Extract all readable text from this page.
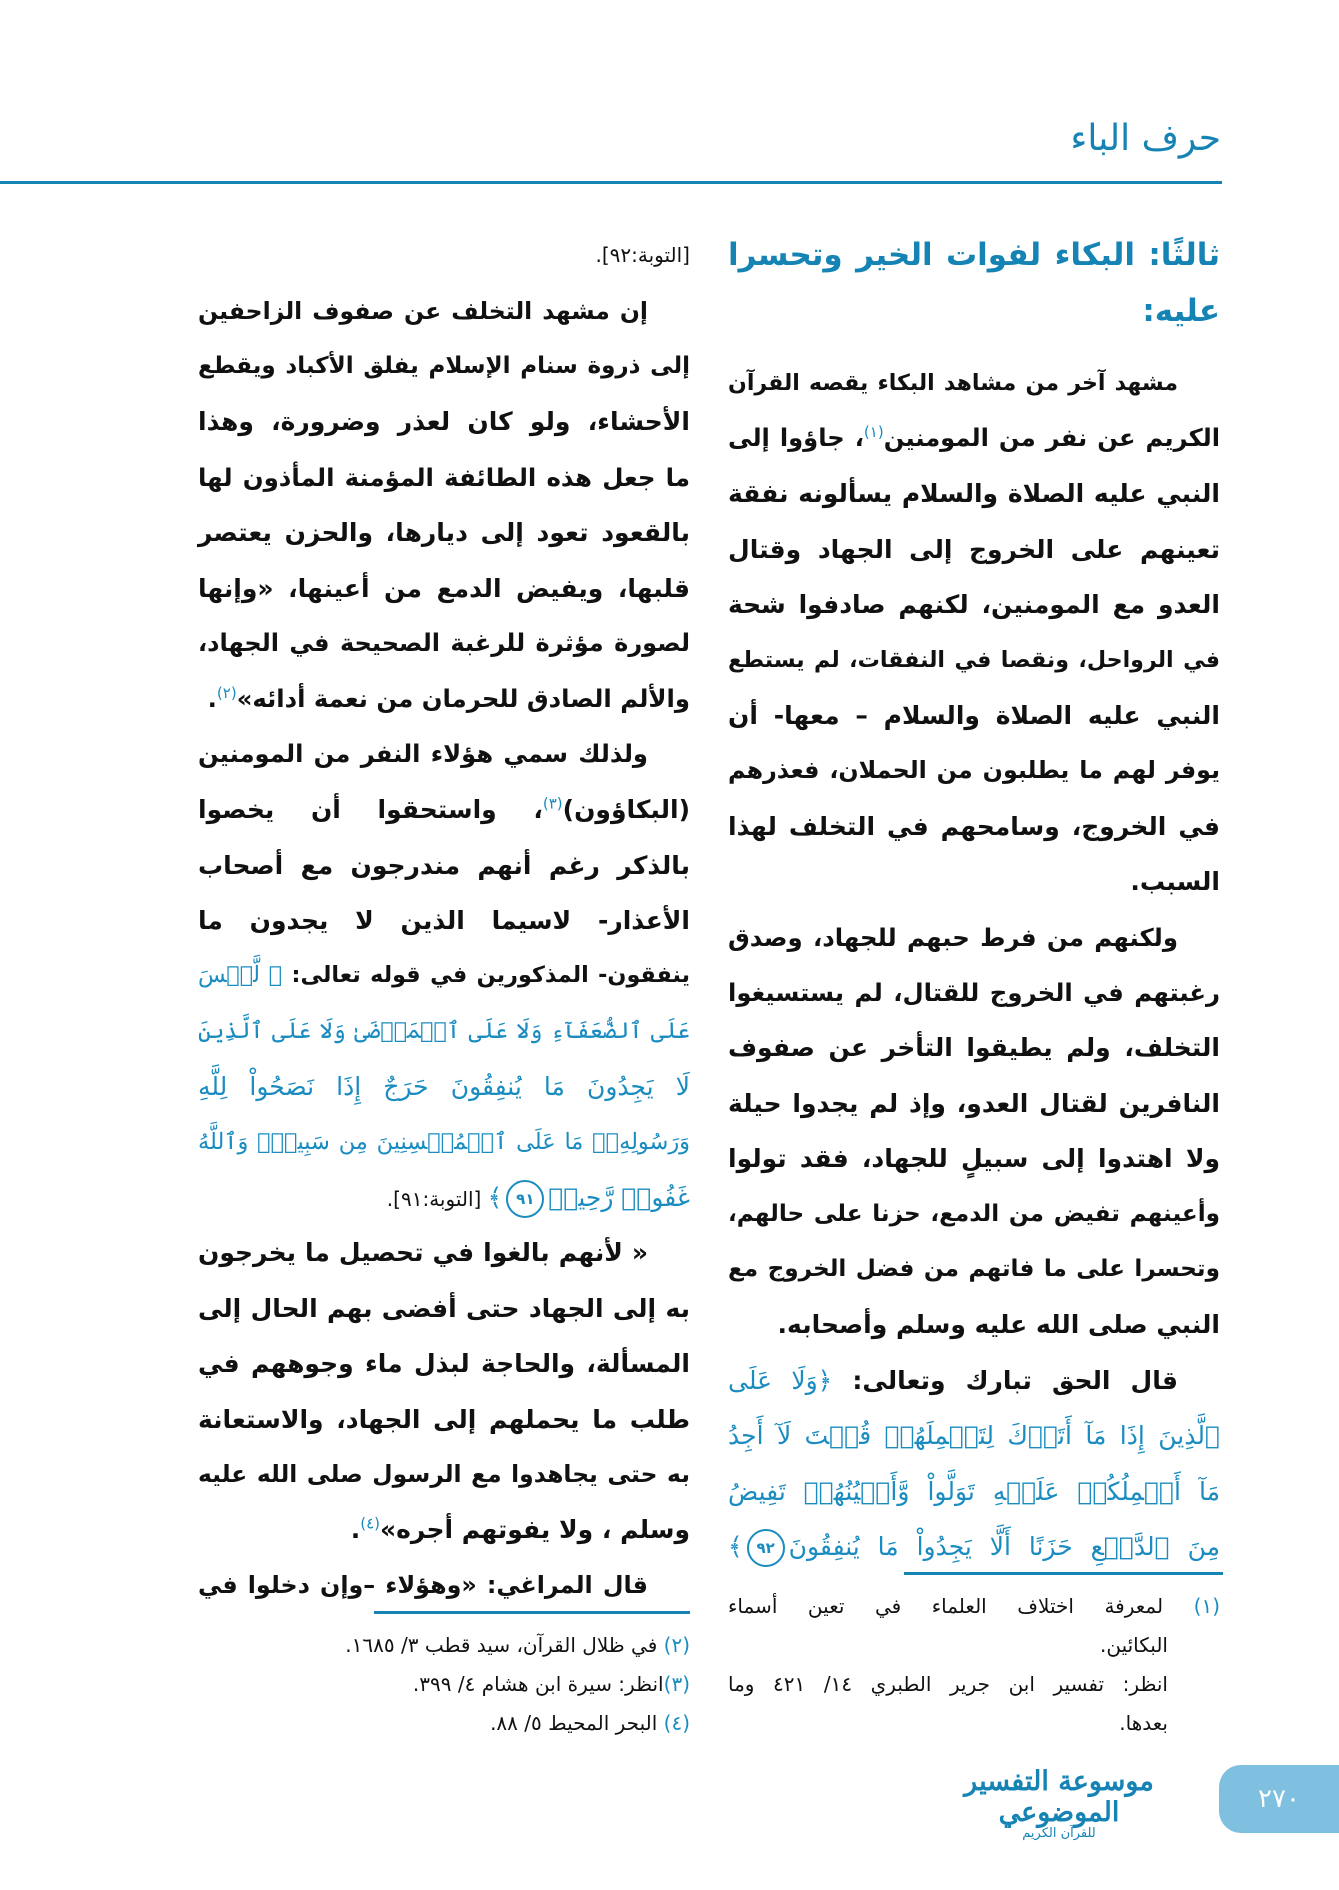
حرف الباء
ثالثًا: البكاء لفوات الخير وتحسرا
عليه:
مشهد آخر من مشاهد البكاء يقصه القرآن
الكريم عن نفر من المومنين$^{(١)}$، جاؤوا إلى
النبي عليه الصلاة والسلام يسألونه نفقة
تعينهم على الخروج إلى الجهاد وقتال
العدو مع المومنين، لكنهم صادفوا شحة
في الرواحل، ونقصا في النفقات، لم يستطع
النبي عليه الصلاة والسلام – معها- أن
يوفر لهم ما يطلبون من الحملان، فعذرهم
في الخروج، وسامحهم في التخلف لهذا
السبب.
ولكنهم من فرط حبهم للجهاد، وصدق
رغبتهم في الخروج للقتال، لم يستسيغوا
التخلف، ولم يطيقوا التأخر عن صفوف
النافرين لقتال العدو، وإذ لم يجدوا حيلة
ولا اهتدوا إلى سبيلٍ للجهاد، فقد تولوا
وأعينهم تفيض من الدمع، حزنا على حالهم،
وتحسرا على ما فاتهم من فضل الخروج مع
النبي صلى الله عليه وسلم وأصحابه.
قال الحق تبارك وتعالى: ﴿وَلَا عَلَى
ٱلَّذِينَ إِذَا مَآ أَتَوۡكَ لِتَحۡمِلَهُمۡ قُلۡتَ لَآ أَجِدُ
مَآ أَحۡمِلُكُمۡ عَلَيۡهِ تَوَلَّواْ وَّأَعۡيُنُهُمۡ تَفِيضُ
مِنَ ٱلدَّمۡعِ حَزَنًا أَلَّا يَجِدُواْ مَا يُنفِقُونَ٩٢﴾
(١) لمعرفة اختلاف العلماء في تعين أسماء
البكائين.
انظر: تفسير ابن جرير الطبري ١٤/ ٤٢١ وما
بعدها.
[التوبة:٩٢].
إن مشهد التخلف عن صفوف الزاحفين
إلى ذروة سنام الإسلام يفلق الأكباد ويقطع
الأحشاء، ولو كان لعذر وضرورة، وهذا
ما جعل هذه الطائفة المؤمنة المأذون لها
بالقعود تعود إلى ديارها، والحزن يعتصر
قلبها، ويفيض الدمع من أعينها، «وإنها
لصورة مؤثرة للرغبة الصحيحة في الجهاد،
والألم الصادق للحرمان من نعمة أدائه»$^{(٢)}$.
ولذلك سمي هؤلاء النفر من المومنين
(البكاؤون)$^{(٣)}$، واستحقوا أن يخصوا
بالذكر رغم أنهم مندرجون مع أصحاب
الأعذار- لاسيما الذين لا يجدون ما
ينفقون- المذكورين في قوله تعالى: ﴿ لَّيۡسَ
عَلَى ٱلضُّعَفَآءِ وَلَا عَلَى ٱلۡمَرۡضَىٰ وَلَا عَلَى ٱلَّذِينَ
لَا يَجِدُونَ مَا يُنفِقُونَ حَرَجٌ إِذَا نَصَحُواْ لِلَّهِ
وَرَسُولِهِۦۚ مَا عَلَى ٱلۡمُحۡسِنِينَ مِن سَبِيلٖۚ وَٱللَّهُ
غَفُورٞ رَّحِيمٞ٩١﴾ [التوبة:٩١].
« لأنهم بالغوا في تحصيل ما يخرجون
به إلى الجهاد حتى أفضى بهم الحال إلى
المسألة، والحاجة لبذل ماء وجوههم في
طلب ما يحملهم إلى الجهاد، والاستعانة
به حتى يجاهدوا مع الرسول صلى الله عليه
وسلم ، ولا يفوتهم أجره»$^{(٤)}$.
قال المراغي: «وهؤلاء –وإن دخلوا في
(٢) في ظلال القرآن، سيد قطب ٣/ ١٦٨٥.
(٣)انظر: سيرة ابن هشام ٤/ ٣٩٩.
(٤) البحر المحيط ٥/ ٨٨.
موسوعة التفسير الموضوعي
للقرآن الكريم
٢٧٠
